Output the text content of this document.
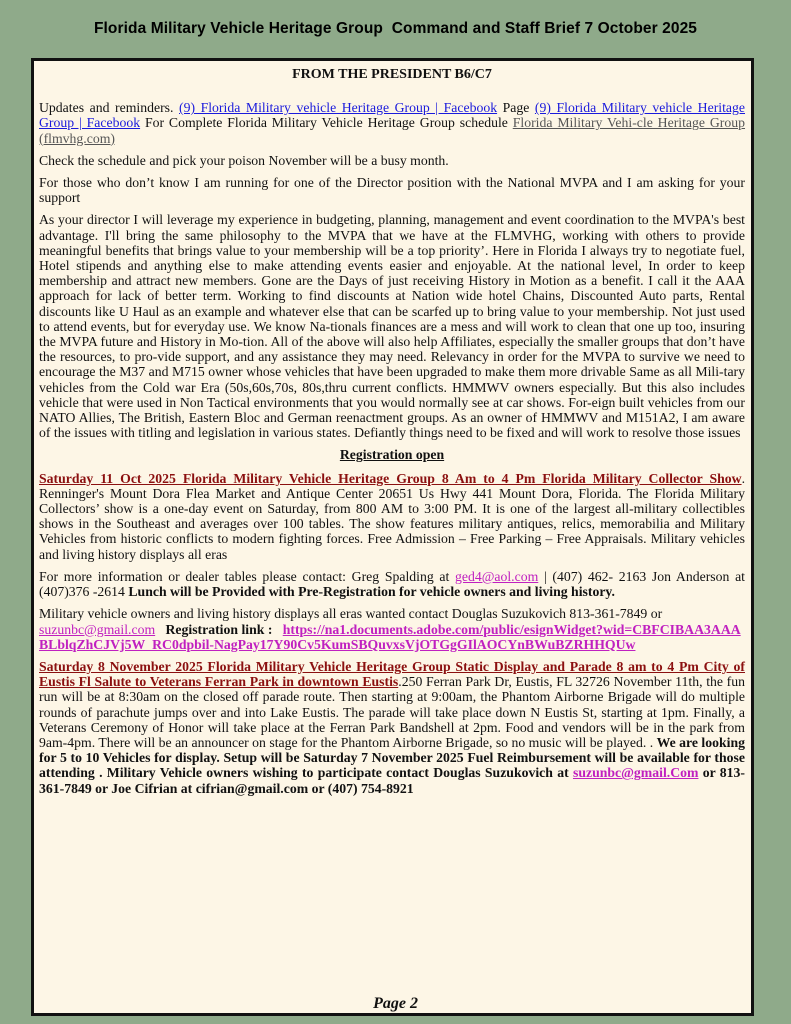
Florida Military Vehicle Heritage Group  Command and Staff Brief 7 October 2025

FROM THE PRESIDENT B6/C7

Updates and reminders. (9) Florida Military vehicle Heritage Group | Facebook Page (9) Florida Military vehicle Heritage Group | Facebook For Complete Florida Military Vehicle Heritage Group schedule Florida Military Vehi-cle Heritage Group (flmvhg.com)

Check the schedule and pick your poison November will be a busy month.

For those who don’t know I am running for one of the Director position with the National MVPA and I am asking for your support

As your director I will leverage my experience in budgeting, planning, management and event coordination to the MVPA's best advantage. I'll bring the same philosophy to the MVPA that we have at the FLMVHG, working with others to provide meaningful benefits that brings value to your membership will be a top priority’. Here in Florida I always try to negotiate fuel, Hotel stipends and anything else to make attending events easier and enjoyable. At the national level, In order to keep membership and attract new members. Gone are the Days of just receiving History in Motion as a benefit. I call it the AAA approach for lack of better term. Working to find discounts at Nation wide hotel Chains, Discounted Auto parts, Rental discounts like U Haul as an example and whatever else that can be scarfed up to bring value to your membership. Not just used to attend events, but for everyday use. We know Na-tionals finances are a mess and will work to clean that one up too, insuring the MVPA future and History in Mo-tion. All of the above will also help Affiliates, especially the smaller groups that don’t have the resources, to pro-vide support, and any assistance they may need. Relevancy in order for the MVPA to survive we need to encourage the M37 and M715 owner whose vehicles that have been upgraded to make them more drivable Same as all Mili-tary vehicles from the Cold war Era (50s,60s,70s, 80s,thru current conflicts. HMMWV owners especially. But this also includes vehicle that were used in Non Tactical environments that you would normally see at car shows. For-eign built vehicles from our NATO Allies, The British, Eastern Bloc and German reenactment groups. As an owner of HMMWV and M151A2, I am aware of the issues with titling and legislation in various states. Defiantly things need to be fixed and will work to resolve those issues

Registration open

Saturday 11 Oct 2025 Florida Military Vehicle Heritage Group 8 Am to 4 Pm Florida Military Collector Show. Renninger's Mount Dora Flea Market and Antique Center 20651 Us Hwy 441 Mount Dora, Florida. The Florida Military Collectors’ show is a one-day event on Saturday, from 800 AM to 3:00 PM. It is one of the largest all-military collectibles shows in the Southeast and averages over 100 tables. The show features military antiques, relics, memorabilia and Military Vehicles from historic conflicts to modern fighting forces. Free Admission – Free Parking – Free Appraisals. Military vehicles and living history displays all eras

For more information or dealer tables please contact: Greg Spalding at ged4@aol.com | (407) 462- 2163 Jon Anderson at (407)376 -2614 Lunch will be Provided with Pre-Registration for vehicle owners and living history.

Military vehicle owners and living history displays all eras wanted contact Douglas Suzukovich 813-361-7849 or suzunbc@gmail.com   Registration link :   https://na1.documents.adobe.com/public/esignWidget?wid=CBFCIBAA3AAABLblqZhCJVj5W_RC0dpbil-NagPay17Y90Cv5KumSBQuvxsVjOTGgGIlAOCYnBWuBZRHHQUw

Saturday 8 November 2025 Florida Military Vehicle Heritage Group Static Display and Parade 8 am to 4 Pm City of Eustis Fl Salute to Veterans Ferran Park in downtown Eustis.250 Ferran Park Dr, Eustis, FL 32726 November 11th, the fun run will be at 8:30am on the closed off parade route. Then starting at 9:00am, the Phantom Airborne Brigade will do multiple rounds of parachute jumps over and into Lake Eustis. The parade will take place down N Eustis St, starting at 1pm. Finally, a Veterans Ceremony of Honor will take place at the Ferran Park Bandshell at 2pm. Food and vendors will be in the park from 9am-4pm. There will be an announcer on stage for the Phantom Airborne Brigade, so no music will be played. . We are looking for 5 to 10 Vehicles for display. Setup will be Saturday 7 November 2025 Fuel Reimbursement will be available for those attending . Military Vehicle owners wishing to participate contact Douglas Suzukovich at suzunbc@gmail.Com or 813-361-7849 or Joe Cifrian at cifrian@gmail.com or (407) 754-8921

Page 2
